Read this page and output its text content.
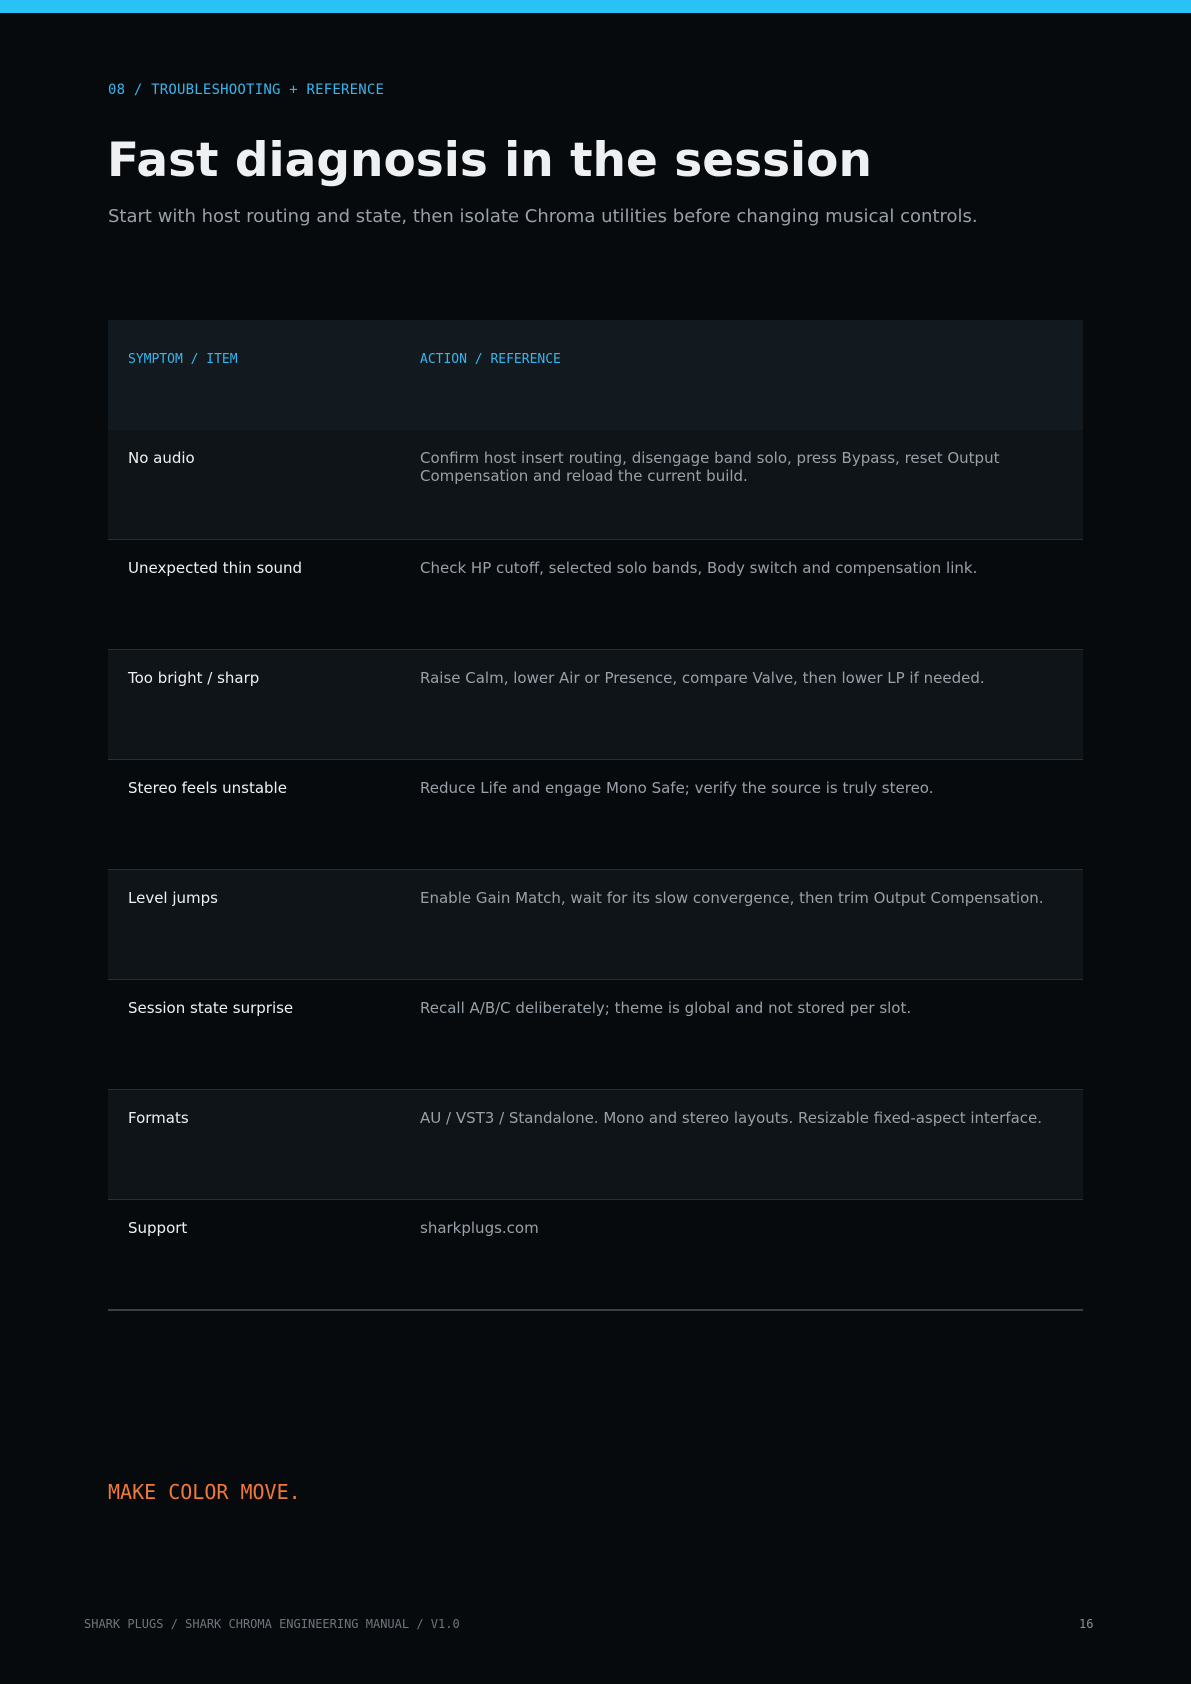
08 / TROUBLESHOOTING + REFERENCE
Fast diagnosis in the session
Start with host routing and state, then isolate Chroma utilities before changing musical controls.
SYMPTOM / ITEM	ACTION / REFERENCE
No audio	Confirm host insert routing, disengage band solo, press Bypass, reset Output Compensation and reload the current build.
Unexpected thin sound	Check HP cutoff, selected solo bands, Body switch and compensation link.
Too bright / sharp	Raise Calm, lower Air or Presence, compare Valve, then lower LP if needed.
Stereo feels unstable	Reduce Life and engage Mono Safe; verify the source is truly stereo.
Level jumps	Enable Gain Match, wait for its slow convergence, then trim Output Compensation.
Session state surprise	Recall A/B/C deliberately; theme is global and not stored per slot.
Formats	AU / VST3 / Standalone. Mono and stereo layouts. Resizable fixed-aspect interface.
Support	sharkplugs.com
MAKE COLOR MOVE.
SHARK PLUGS / SHARK CHROMA ENGINEERING MANUAL / V1.0	16
